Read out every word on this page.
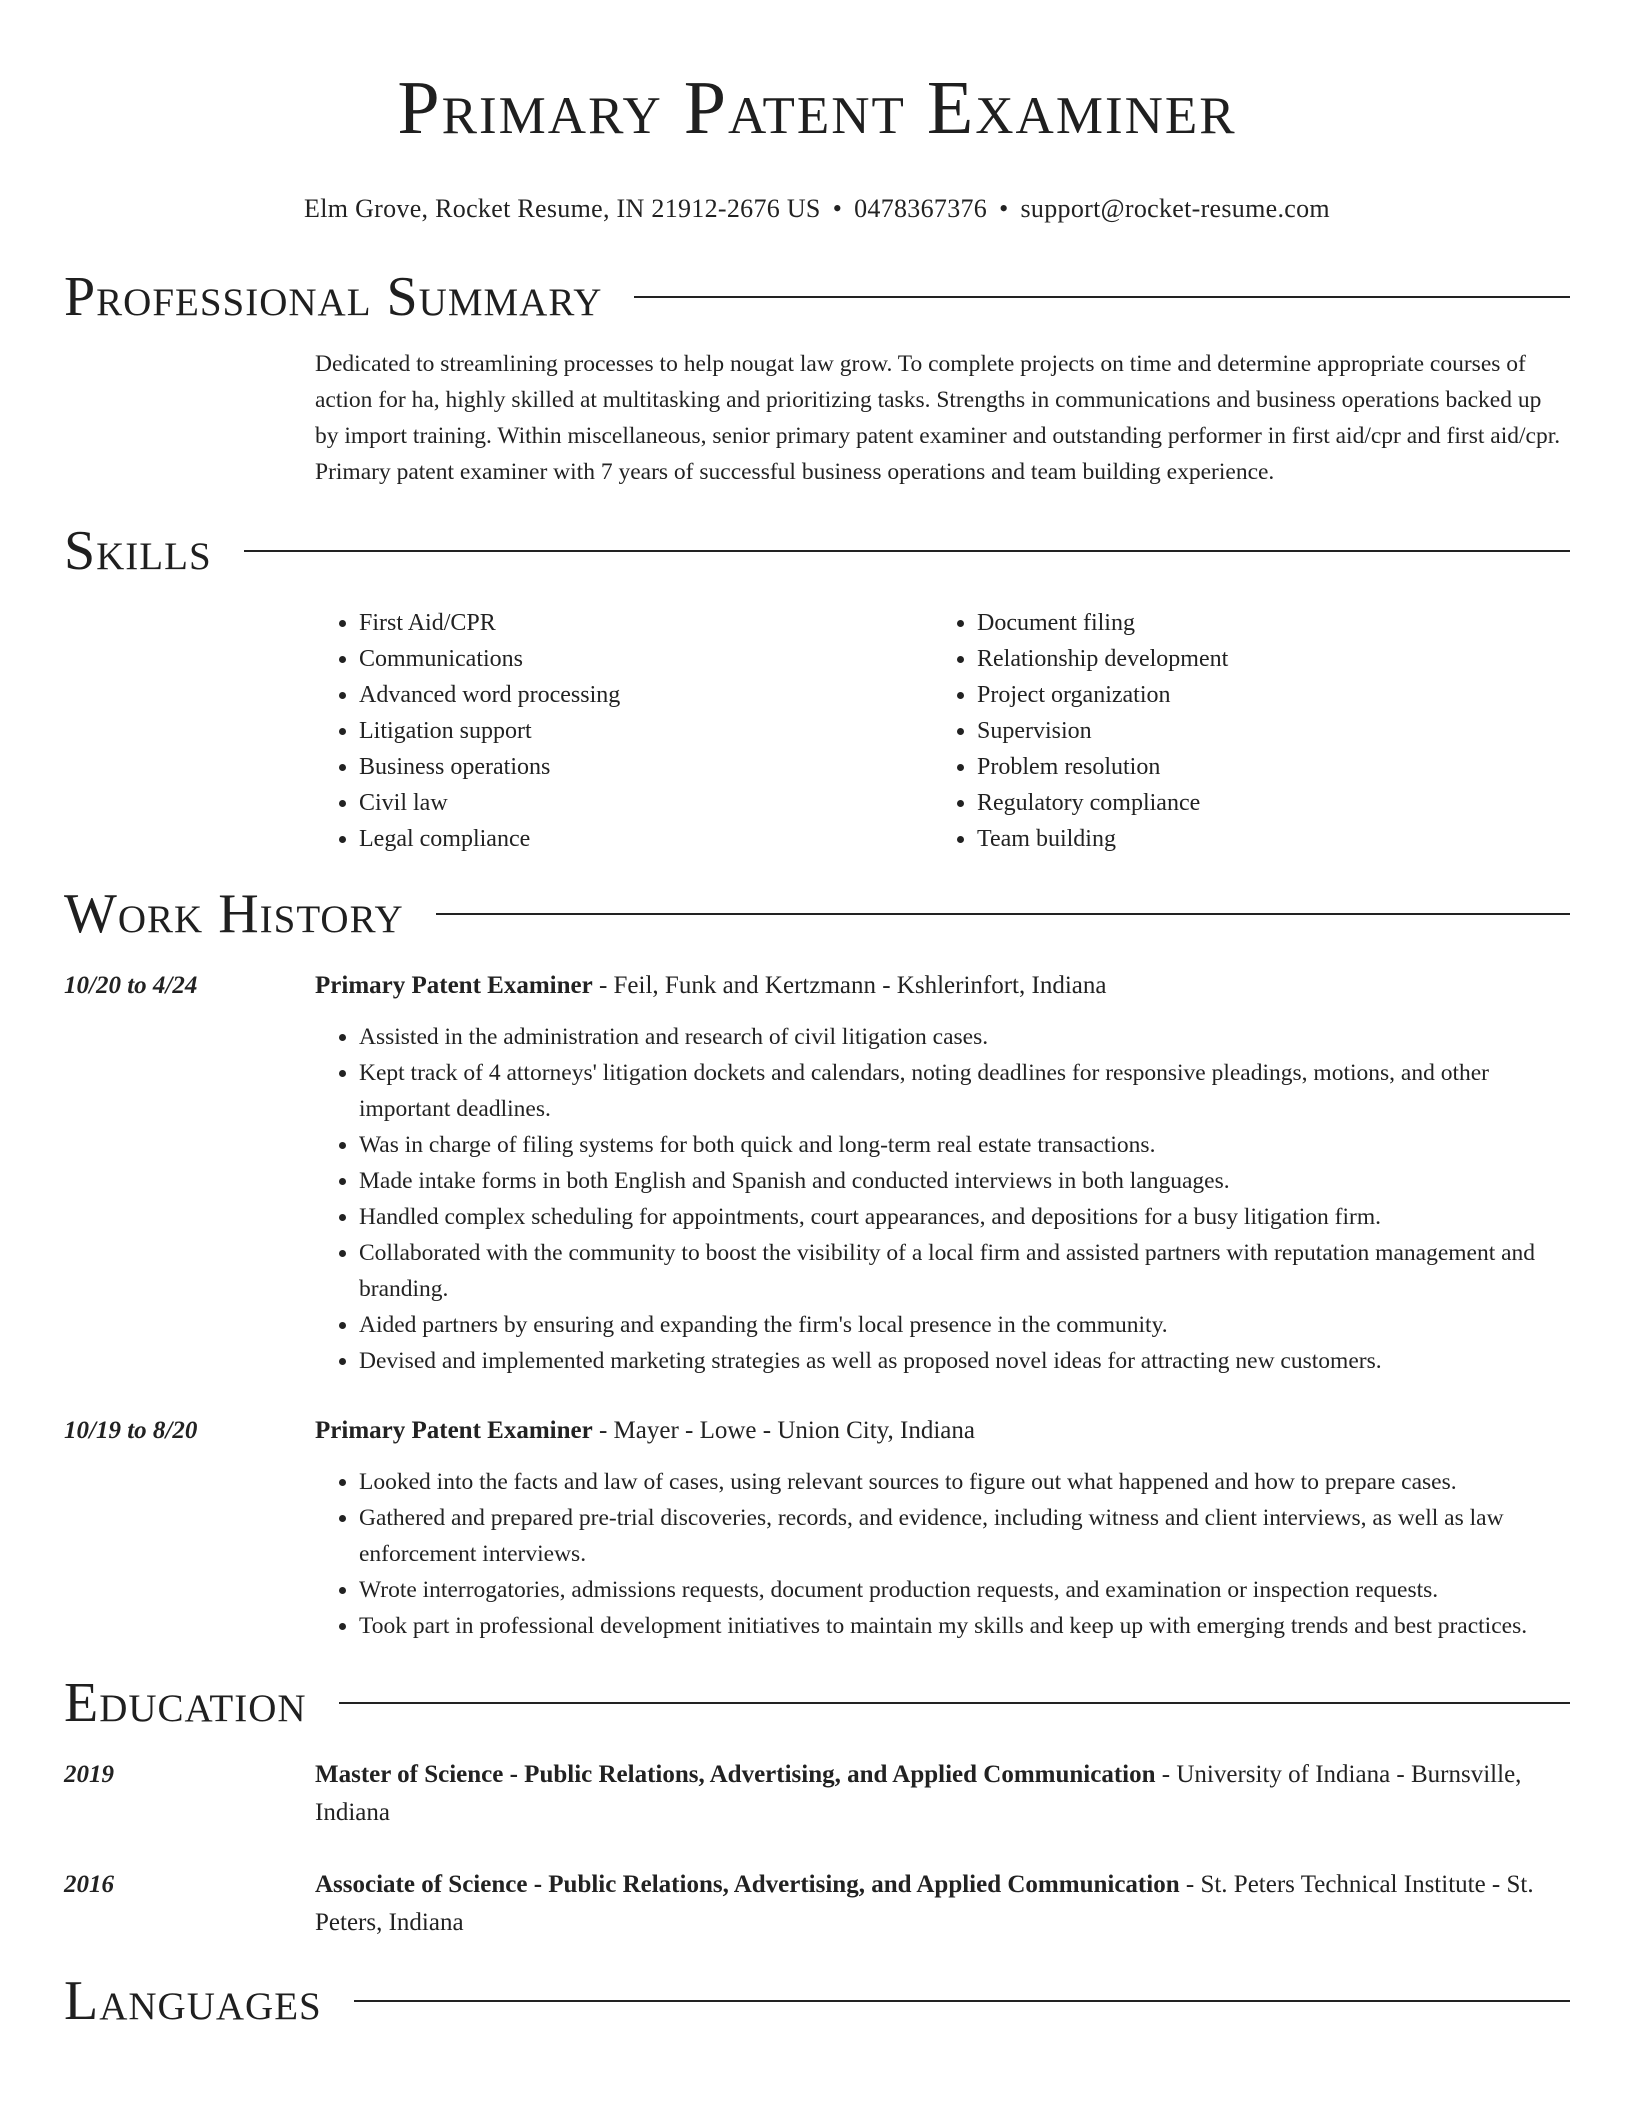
Primary Patent Examiner
Elm Grove, Rocket Resume, IN 21912-2676 US • 0478367376 • support@rocket-resume.com
Professional Summary

Dedicated to streamlining processes to help nougat law grow. To complete projects on time and determine appropriate courses of action for ha, highly skilled at multitasking and prioritizing tasks. Strengths in communications and business operations backed up by import training. Within miscellaneous, senior primary patent examiner and outstanding performer in first aid/cpr and first aid/cpr. Primary patent examiner with 7 years of successful business operations and team building experience.

Skills
• First Aid/CPR
• Communications
• Advanced word processing
• Litigation support
• Business operations
• Civil law
• Legal compliance
• Document filing
• Relationship development
• Project organization
• Supervision
• Problem resolution
• Regulatory compliance
• Team building
Work History
10/20 to 4/24	Primary Patent Examiner - Feil, Funk and Kertzmann - Kshlerinfort, Indiana

• Assisted in the administration and research of civil litigation cases.
• Kept track of 4 attorneys' litigation dockets and calendars, noting deadlines for responsive pleadings, motions, and other important deadlines.
• Was in charge of filing systems for both quick and long-term real estate transactions.
• Made intake forms in both English and Spanish and conducted interviews in both languages.
• Handled complex scheduling for appointments, court appearances, and depositions for a busy litigation firm.
• Collaborated with the community to boost the visibility of a local firm and assisted partners with reputation management and branding.
• Aided partners by ensuring and expanding the firm's local presence in the community.
• Devised and implemented marketing strategies as well as proposed novel ideas for attracting new customers.
10/19 to 8/20	Primary Patent Examiner - Mayer - Lowe - Union City, Indiana

• Looked into the facts and law of cases, using relevant sources to figure out what happened and how to prepare cases.
• Gathered and prepared pre-trial discoveries, records, and evidence, including witness and client interviews, as well as law enforcement interviews.
• Wrote interrogatories, admissions requests, document production requests, and examination or inspection requests.
• Took part in professional development initiatives to maintain my skills and keep up with emerging trends and best practices.
Education
2019	Master of Science - Public Relations, Advertising, and Applied Communication - University of Indiana - Burnsville, Indiana

2016	Associate of Science - Public Relations, Advertising, and Applied Communication - St. Peters Technical Institute - St. Peters, Indiana

Languages
